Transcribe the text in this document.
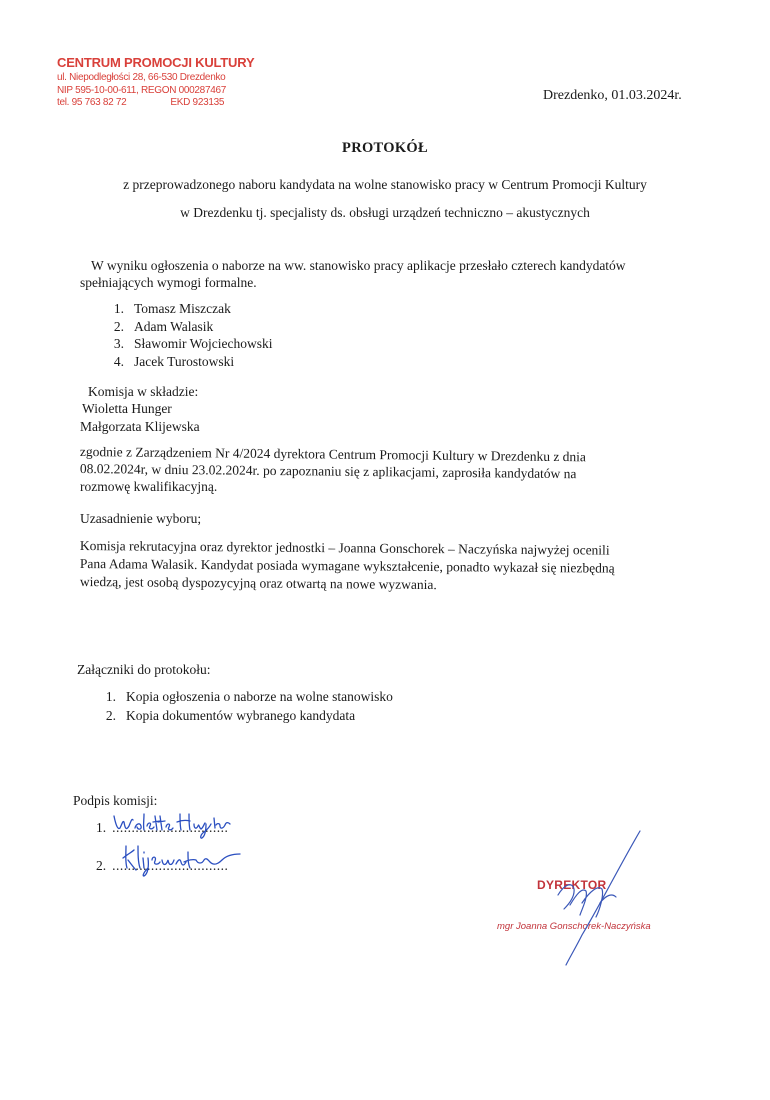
CENTRUM PROMOCJI KULTURY
ul. Niepodległości 28, 66-530 Drezdenko
NIP 595-10-00-611, REGON 000287467
tel. 95 763 82 72	EKD 923135	Drezdenko, 01.03.2024r.
PROTOKÓŁ
z przeprowadzonego naboru kandydata na wolne stanowisko pracy w Centrum Promocji Kultury
w Drezdenku tj. specjalisty ds. obsługi urządzeń techniczno – akustycznych
W wyniku ogłoszenia o naborze na ww. stanowisko pracy aplikacje przesłało czterech kandydatów
spełniających wymogi formalne.
1. Tomasz Miszczak
2. Adam Walasik
3. Sławomir Wojciechowski
4. Jacek Turostowski
Komisja w składzie:
Wioletta Hunger
Małgorzata Klijewska
zgodnie z Zarządzeniem Nr 4/2024 dyrektora Centrum Promocji Kultury w Drezdenku z dnia
08.02.2024r, w dniu 23.02.2024r. po zapoznaniu się z aplikacjami, zaprosiła kandydatów na
rozmowę kwalifikacyjną.
Uzasadnienie wyboru;
Komisja rekrutacyjna oraz dyrektor jednostki – Joanna Gonschorek – Naczyńska najwyżej ocenili
Pana Adama Walasik. Kandydat posiada wymagane wykształcenie, ponadto wykazał się niezbędną
wiedzą, jest osobą dyspozycyjną oraz otwartą na nowe wyzwania.
Załączniki do protokołu:
1. Kopia ogłoszenia o naborze na wolne stanowisko
2. Kopia dokumentów wybranego kandydata
Podpis komisji:
1. ..............................
2. ..............................
DYREKTOR
mgr Joanna Gonschorek-Naczyńska
